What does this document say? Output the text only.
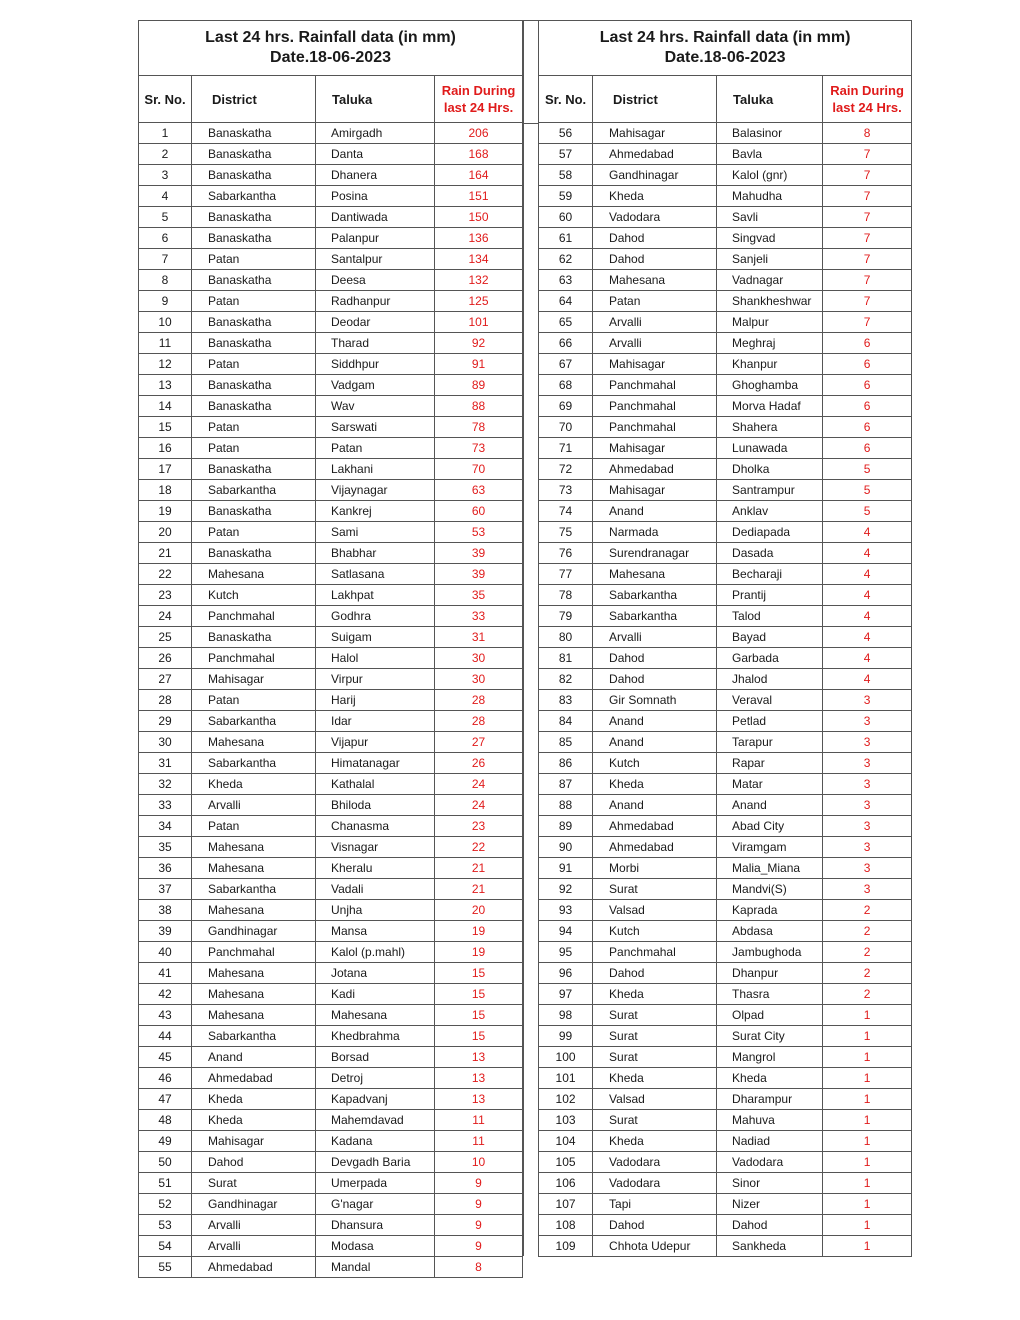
Last 24 hrs. Rainfall data (in mm)
Date.18-06-2023			

Sr. No.	District	Taluka	Rain During
last 24 Hrs.

1	Banaskatha	Amirgadh	206
2	Banaskatha	Danta	168
3	Banaskatha	Dhanera	164
4	Sabarkantha	Posina	151
5	Banaskatha	Dantiwada	150
6	Banaskatha	Palanpur	136
7	Patan	Santalpur	134
8	Banaskatha	Deesa	132
9	Patan	Radhanpur	125
10	Banaskatha	Deodar	101
11	Banaskatha	Tharad	92
12	Patan	Siddhpur	91
13	Banaskatha	Vadgam	89
14	Banaskatha	Wav	88
15	Patan	Sarswati	78
16	Patan	Patan	73
17	Banaskatha	Lakhani	70
18	Sabarkantha	Vijaynagar	63
19	Banaskatha	Kankrej	60
20	Patan	Sami	53
21	Banaskatha	Bhabhar	39
22	Mahesana	Satlasana	39
23	Kutch	Lakhpat	35
24	Panchmahal	Godhra	33
25	Banaskatha	Suigam	31
26	Panchmahal	Halol	30
27	Mahisagar	Virpur	30
28	Patan	Harij	28
29	Sabarkantha	Idar	28
30	Mahesana	Vijapur	27
31	Sabarkantha	Himatanagar	26
32	Kheda	Kathalal	24
33	Arvalli	Bhiloda	24
34	Patan	Chanasma	23
35	Mahesana	Visnagar	22
36	Mahesana	Kheralu	21
37	Sabarkantha	Vadali	21
38	Mahesana	Unjha	20
39	Gandhinagar	Mansa	19
40	Panchmahal	Kalol (p.mahl)	19
41	Mahesana	Jotana	15
42	Mahesana	Kadi	15
43	Mahesana	Mahesana	15
44	Sabarkantha	Khedbrahma	15
45	Anand	Borsad	13
46	Ahmedabad	Detroj	13
47	Kheda	Kapadvanj	13
48	Kheda	Mahemdavad	11
49	Mahisagar	Kadana	11
50	Dahod	Devgadh Baria	10
51	Surat	Umerpada	9
52	Gandhinagar	G'nagar	9
53	Arvalli	Dhansura	9
54	Arvalli	Modasa	9
55	Ahmedabad	Mandal	8
Last 24 hrs. Rainfall data (in mm)
Date.18-06-2023			

Sr. No.	District	Taluka	Rain During
last 24 Hrs.

56	Mahisagar	Balasinor	8
57	Ahmedabad	Bavla	7
58	Gandhinagar	Kalol (gnr)	7
59	Kheda	Mahudha	7
60	Vadodara	Savli	7
61	Dahod	Singvad	7
62	Dahod	Sanjeli	7
63	Mahesana	Vadnagar	7
64	Patan	Shankheshwar	7
65	Arvalli	Malpur	7
66	Arvalli	Meghraj	6
67	Mahisagar	Khanpur	6
68	Panchmahal	Ghoghamba	6
69	Panchmahal	Morva Hadaf	6
70	Panchmahal	Shahera	6
71	Mahisagar	Lunawada	6
72	Ahmedabad	Dholka	5
73	Mahisagar	Santrampur	5
74	Anand	Anklav	5
75	Narmada	Dediapada	4
76	Surendranagar	Dasada	4
77	Mahesana	Becharaji	4
78	Sabarkantha	Prantij	4
79	Sabarkantha	Talod	4
80	Arvalli	Bayad	4
81	Dahod	Garbada	4
82	Dahod	Jhalod	4
83	Gir Somnath	Veraval	3
84	Anand	Petlad	3
85	Anand	Tarapur	3
86	Kutch	Rapar	3
87	Kheda	Matar	3
88	Anand	Anand	3
89	Ahmedabad	Abad City	3
90	Ahmedabad	Viramgam	3
91	Morbi	Malia_Miana	3
92	Surat	Mandvi(S)	3
93	Valsad	Kaprada	2
94	Kutch	Abdasa	2
95	Panchmahal	Jambughoda	2
96	Dahod	Dhanpur	2
97	Kheda	Thasra	2
98	Surat	Olpad	1
99	Surat	Surat City	1
100	Surat	Mangrol	1
101	Kheda	Kheda	1
102	Valsad	Dharampur	1
103	Surat	Mahuva	1
104	Kheda	Nadiad	1
105	Vadodara	Vadodara	1
106	Vadodara	Sinor	1
107	Tapi	Nizer	1
108	Dahod	Dahod	1
109	Chhota Udepur	Sankheda	1
